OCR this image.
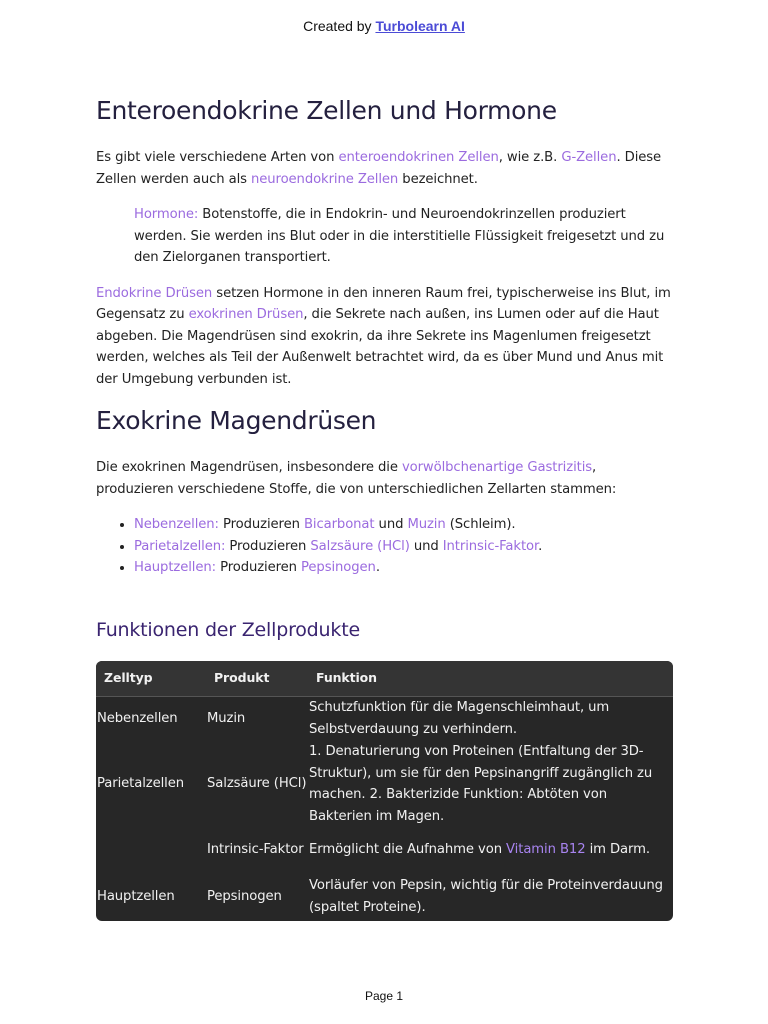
Created by Turbolearn AI
Enteroendokrine Zellen und Hormone

Es gibt viele verschiedene Arten von enteroendokrinen Zellen, wie z.B. G-Zellen. Diese Zellen werden auch als neuroendokrine Zellen bezeichnet.

Hormone: Botenstoffe, die in Endokrin- und Neuroendokrinzellen produziert werden. Sie werden ins Blut oder in die interstitielle Flüssigkeit freigesetzt und zu den Zielorganen transportiert.

Endokrine Drüsen setzen Hormone in den inneren Raum frei, typischerweise ins Blut, im Gegensatz zu exokrinen Drüsen, die Sekrete nach außen, ins Lumen oder auf die Haut abgeben. Die Magendrüsen sind exokrin, da ihre Sekrete ins Magenlumen freigesetzt werden, welches als Teil der Außenwelt betrachtet wird, da es über Mund und Anus mit der Umgebung verbunden ist.

Exokrine Magendrüsen

Die exokrinen Magendrüsen, insbesondere die vorwölbchenartige Gastrizitis, produzieren verschiedene Stoffe, die von unterschiedlichen Zellarten stammen:

• Nebenzellen: Produzieren Bicarbonat und Muzin (Schleim).
• Parietalzellen: Produzieren Salzsäure (HCl) und Intrinsic-Faktor.
• Hauptzellen: Produzieren Pepsinogen.
Funktionen der Zellprodukte
Zelltyp	Produkt	Funktion
Nebenzellen	Muzin	Schutzfunktion für die Magenschleimhaut, um Selbstverdauung zu verhindern.
Parietalzellen	Salzsäure (HCl)	1. Denaturierung von Proteinen (Entfaltung der 3D-Struktur), um sie für den Pepsinangriff zugänglich zu machen. 2. Bakterizide Funktion: Abtöten von Bakterien im Magen.
	Intrinsic-Faktor	Ermöglicht die Aufnahme von Vitamin B12 im Darm.
Hauptzellen	Pepsinogen	Vorläufer von Pepsin, wichtig für die Proteinverdauung (spaltet Proteine).
Page 1
